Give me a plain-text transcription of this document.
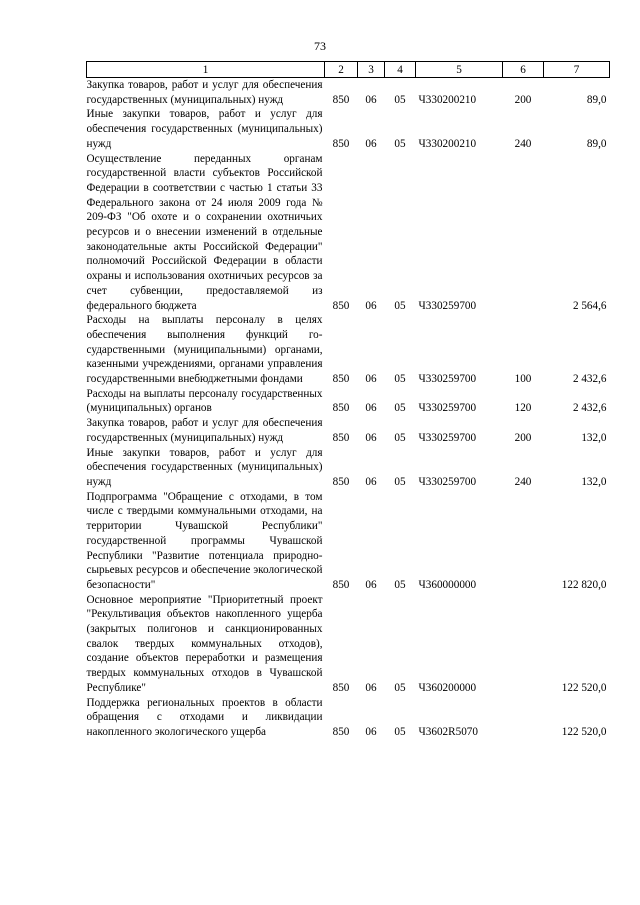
73
1	2	3	4	5	6	7
Закупка товаров, работ и услуг для обеспечения государственных (муниципальных) нужд	850	06	05	Ч330200210	200	89,0
Иные закупки товаров, работ и услуг для обеспечения государственных (муниципальных) нужд	850	06	05	Ч330200210	240	89,0
Осуществление переданных органам государственной власти субъектов Российской Федерации в соответствии с частью 1 статьи 33 Федерального закона от 24 июля 2009 года № 209-ФЗ "Об охоте и о сохранении охотничьих ресурсов и о внесении изменений в отдельные законодательные акты Российской Федерации" полномочий Российской Федерации в области охраны и использования охотничьих ресурсов за счет субвенции, предоставляемой из федерального бюджета	850	06	05	Ч330259700		2 564,6
Расходы на выплаты персоналу в целях обеспечения выполнения функций государственными (муниципальными) органами, казенными учреждениями, органами управления государственными внебюджетными фондами	850	06	05	Ч330259700	100	2 432,6
Расходы на выплаты персоналу государственных (муниципальных) органов	850	06	05	Ч330259700	120	2 432,6
Закупка товаров, работ и услуг для обеспечения государственных (муниципальных) нужд	850	06	05	Ч330259700	200	132,0
Иные закупки товаров, работ и услуг для обеспечения государственных (муниципальных) нужд	850	06	05	Ч330259700	240	132,0
Подпрограмма "Обращение с отходами, в том числе с твердыми коммунальными отходами, на территории Чувашской Республики" государственной программы Чувашской Республики "Развитие потенциала природно-сырьевых ресурсов и обеспечение экологической безопасности"	850	06	05	Ч360000000		122 820,0
Основное мероприятие "Приоритетный проект "Рекультивация объектов накопленного ущерба (закрытых полигонов и санкционированных свалок твердых коммунальных отходов), создание объектов переработки и размещения твердых коммунальных отходов в Чувашской Республике"	850	06	05	Ч360200000		122 520,0
Поддержка региональных проектов в области обращения с отходами и ликвидации накопленного экологического ущерба	850	06	05	Ч3602R5070		122 520,0
